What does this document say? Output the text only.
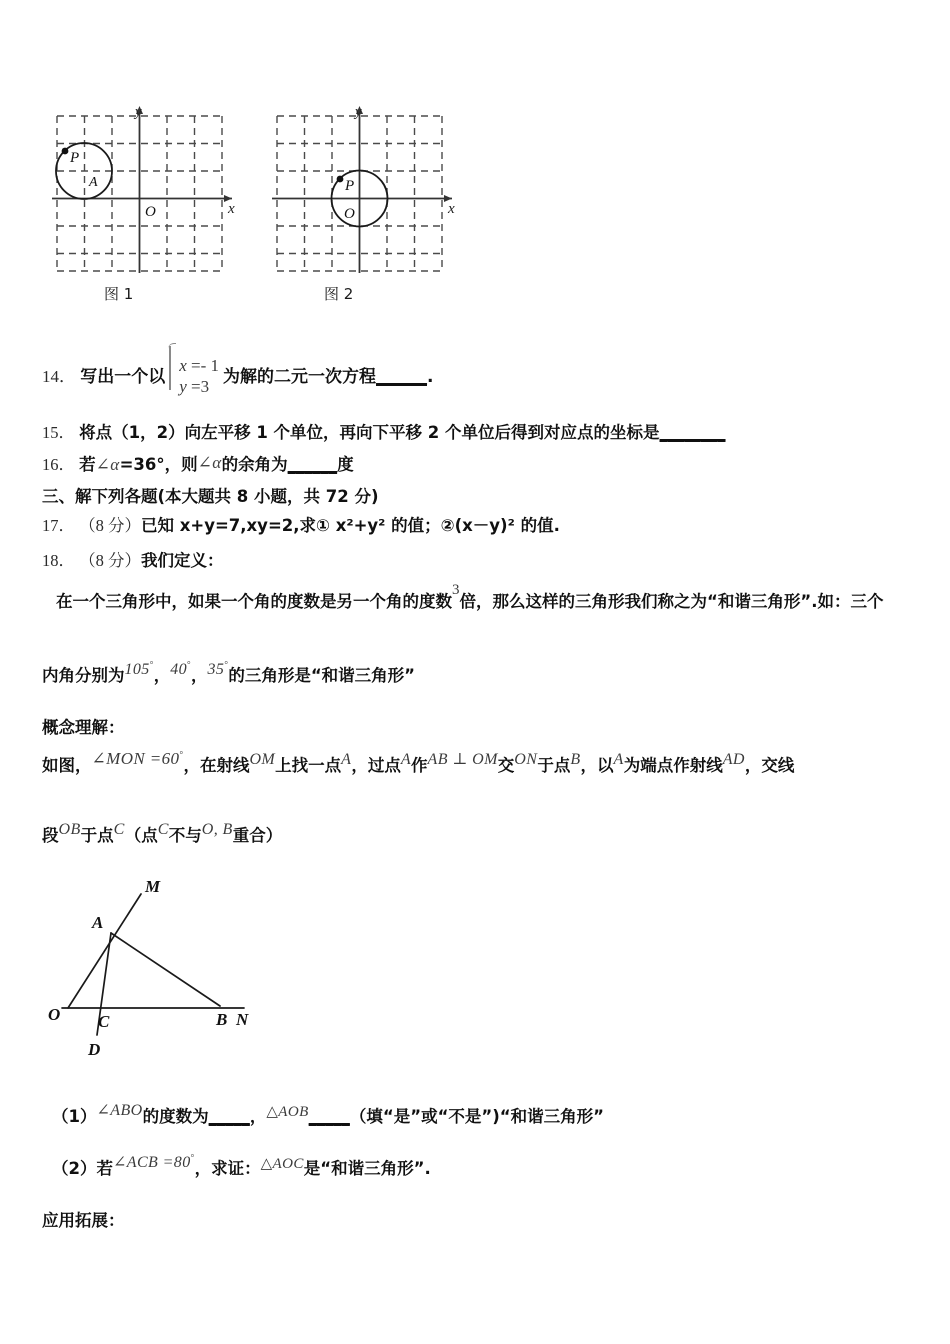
P
A
y
x
O
图 1
P
O
y
x
图 2
14． 写出一个以
x =- 1
y =3 为解的二元一次方程______.
15． 将点（1，2）向左平移 1 个单位，再向下平移 2 个单位后得到对应点的坐标是________
16． 若∠α=36°，则∠α的余角为______度
三、解下列各题(本大题共 8 小题，共 72 分)
17． （8 分）已知 x+y=7,xy=2,求① x²+y² 的值；②(x－y)² 的值.
18． （8 分）我们定义：
在一个三角形中，如果一个角的度数是另一个角的度数3倍，那么这样的三角形我们称之为“和谐三角形”.如：三个
内角分别为105°，40°，35°的三角形是“和谐三角形”
概念理解：
如图，∠MON =60°，在射线OM上找一点A，过点A作AB ⊥ OM交ON于点B，以A为端点作射线AD，交线
段OB于点C（点C不与O, B重合）
M
A
O C	B N
D
（1）∠ABO的度数为_____，△AOB_____（填“是”或“不是”)“和谐三角形”
（2）若∠ACB =80°，求证：△AOC是“和谐三角形”.
应用拓展：
